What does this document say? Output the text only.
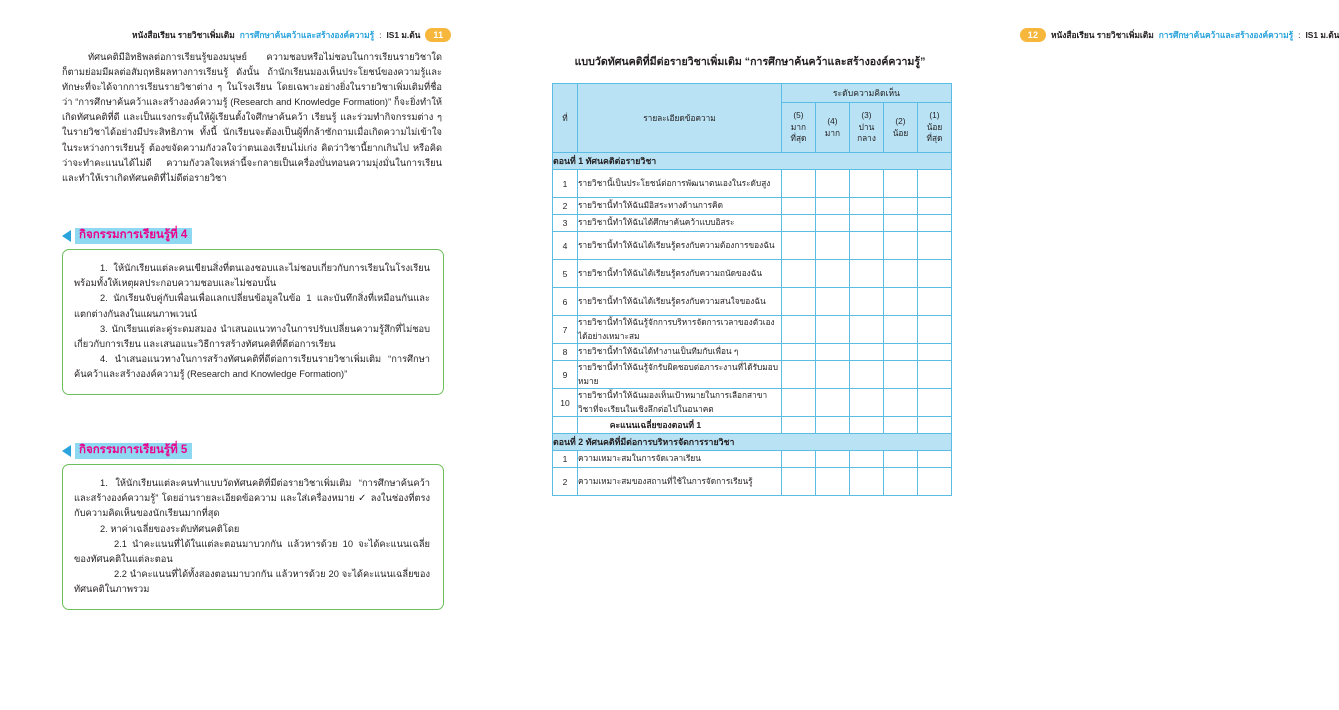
หนังสือเรียน รายวิชาเพิ่มเติม การศึกษาค้นคว้าและสร้างองค์ความรู้ : IS1 ม.ต้น	11

ทัศนคติมีอิทธิพลต่อการเรียนรู้ของมนุษย์ ความชอบหรือไม่ชอบในการเรียนรายวิชาใดก็ตามย่อมมีผลต่อสัมฤทธิผลทางการเรียนรู้ ดังนั้น ถ้านักเรียนมองเห็นประโยชน์ของความรู้และทักษะที่จะได้จากการเรียนรายวิชาต่าง ๆ ในโรงเรียน โดยเฉพาะอย่างยิ่งในรายวิชาเพิ่มเติมที่ชื่อว่า “การศึกษาค้นคว้าและสร้างองค์ความรู้ (Research and Knowledge Formation)” ก็จะยิ่งทำให้เกิดทัศนคติที่ดี และเป็นแรงกระตุ้นให้ผู้เรียนตั้งใจศึกษาค้นคว้า เรียนรู้ และร่วมทำกิจกรรมต่าง ๆ ในรายวิชาได้อย่างมีประสิทธิภาพ ทั้งนี้ นักเรียนจะต้องเป็นผู้ที่กล้าซักถามเมื่อเกิดความไม่เข้าใจในระหว่างการเรียนรู้ ต้องขจัดความกังวลใจว่าตนเองเรียนไม่เก่ง คิดว่าวิชานี้ยากเกินไป หรือคิดว่าจะทำคะแนนได้ไม่ดี ความกังวลใจเหล่านี้จะกลายเป็นเครื่องบั่นทอนความมุ่งมั่นในการเรียนและทำให้เราเกิดทัศนคติที่ไม่ดีต่อรายวิชา

กิจกรรมการเรียนรู้ที่ 4

1. ให้นักเรียนแต่ละคนเขียนสิ่งที่ตนเองชอบและไม่ชอบเกี่ยวกับการเรียนในโรงเรียน พร้อมทั้งให้เหตุผลประกอบความชอบและไม่ชอบนั้น

2. นักเรียนจับคู่กับเพื่อนเพื่อแลกเปลี่ยนข้อมูลในข้อ 1 และบันทึกสิ่งที่เหมือนกันและแตกต่างกันลงในแผนภาพเวนน์

3. นักเรียนแต่ละคู่ระดมสมอง นำเสนอแนวทางในการปรับเปลี่ยนความรู้สึกที่ไม่ชอบเกี่ยวกับการเรียน และเสนอแนะวิธีการสร้างทัศนคติที่ดีต่อการเรียน

4. นำเสนอแนวทางในการสร้างทัศนคติที่ดีต่อการเรียนรายวิชาเพิ่มเติม “การศึกษาค้นคว้าและสร้างองค์ความรู้ (Research and Knowledge Formation)”

กิจกรรมการเรียนรู้ที่ 5

1. ให้นักเรียนแต่ละคนทำแบบวัดทัศนคติที่มีต่อรายวิชาเพิ่มเติม “การศึกษาค้นคว้าและสร้างองค์ความรู้” โดยอ่านรายละเอียดข้อความ และใส่เครื่องหมาย ✓ ลงในช่องที่ตรงกับความคิดเห็นของนักเรียนมากที่สุด

2. หาค่าเฉลี่ยของระดับทัศนคติโดย

2.1 นำคะแนนที่ได้ในแต่ละตอนมาบวกกัน แล้วหารด้วย 10 จะได้คะแนนเฉลี่ยของทัศนคติในแต่ละตอน

2.2 นำคะแนนที่ได้ทั้งสองตอนมาบวกกัน แล้วหารด้วย 20 จะได้คะแนนเฉลี่ยของทัศนคติในภาพรวม

12	หนังสือเรียน รายวิชาเพิ่มเติม การศึกษาค้นคว้าและสร้างองค์ความรู้ : IS1 ม.ต้น
แบบวัดทัศนคติที่มีต่อรายวิชาเพิ่มเติม “การศึกษาค้นคว้าและสร้างองค์ความรู้”
ที่	รายละเอียดข้อความ	ระดับความคิดเห็น				

(5)
มาก
ที่สุด

(4)
มาก

(3)
ปาน
กลาง

(2)
น้อย

(1)
น้อย
ที่สุด

ตอนที่ 1 ทัศนคติต่อรายวิชา						
1	รายวิชานี้เป็นประโยชน์ต่อการพัฒนาตนเองในระดับสูง					
2	รายวิชานี้ทำให้ฉันมีอิสระทางด้านการคิด					
3	รายวิชานี้ทำให้ฉันได้ศึกษาค้นคว้าแบบอิสระ					
4	รายวิชานี้ทำให้ฉันได้เรียนรู้ตรงกับความต้องการของฉัน					
5	รายวิชานี้ทำให้ฉันได้เรียนรู้ตรงกับความถนัดของฉัน					
6	รายวิชานี้ทำให้ฉันได้เรียนรู้ตรงกับความสนใจของฉัน					
7	รายวิชานี้ทำให้ฉันรู้จักการบริหารจัดการเวลาของตัวเองได้อย่างเหมาะสม					
8	รายวิชานี้ทำให้ฉันได้ทำงานเป็นทีมกับเพื่อน ๆ					
9	รายวิชานี้ทำให้ฉันรู้จักรับผิดชอบต่อภาระงานที่ได้รับมอบหมาย					
10	รายวิชานี้ทำให้ฉันมองเห็นเป้าหมายในการเลือกสาขาวิชาที่จะเรียนในเชิงลึกต่อไปในอนาคต					
	คะแนนเฉลี่ยของตอนที่ 1					
ตอนที่ 2 ทัศนคติที่มีต่อการบริหารจัดการรายวิชา						
1	ความเหมาะสมในการจัดเวลาเรียน					
2	ความเหมาะสมของสถานที่ใช้ในการจัดการเรียนรู้					
